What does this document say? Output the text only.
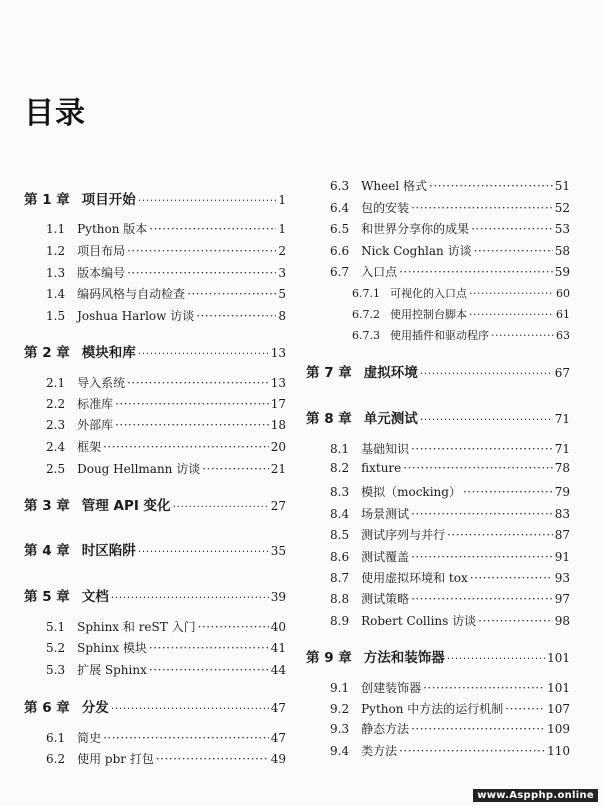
目录
www.Aspphp.online
第 1 章 项目开始 ·····	1
1.1	Python 版本 ·····	1
1.2	项目布局 ·····	2
1.3	版本编号 ·····	3
1.4	编码风格与自动检查 ·····	5
1.5	Joshua Harlow 访谈 ·····	8
第 2 章 模块和库 ·····	13
2.1	导入系统 ·····	13
2.2	标准库 ·····	17
2.3	外部库 ·····	18
2.4	框架 ·····	20
2.5	Doug Hellmann 访谈 ·····	21
第 3 章 管理 API 变化 ·····	27
第 4 章 时区陷阱 ·····	35
第 5 章 文档 ·····	39
5.1	Sphinx 和 reST 入门 ·····	40
5.2	Sphinx 模块 ·····	41
5.3	扩展 Sphinx ·····	44
第 6 章 分发 ·····	47
6.1	简史 ·····	47
6.2	使用 pbr 打包 ·····	49
6.3	Wheel 格式 ·····	51
6.4	包的安装 ·····	52
6.5	和世界分享你的成果 ·····	53
6.6	Nick Coghlan 访谈 ·····	58
6.7	入口点 ·····	59
6.7.1 可视化的入口点 ·····	60
6.7.2 使用控制台脚本 ·····	61
6.7.3 使用插件和驱动程序 ·····	63
第 7 章 虚拟环境 ·····	67
第 8 章 单元测试 ·····	71
8.1	基础知识 ·····	71
8.2	fixture ·····	78
8.3	模拟（mocking） ·····	79
8.4	场景测试 ·····	83
8.5	测试序列与并行 ·····	87
8.6	测试覆盖 ·····	91
8.7	使用虚拟环境和 tox ·····	93
8.8	测试策略 ·····	97
8.9	Robert Collins 访谈 ·····	98
第 9 章 方法和装饰器 ·····	101
9.1	创建装饰器 ·····	101
9.2	Python 中方法的运行机制 ·····	107
9.3	静态方法 ·····	109
9.4	类方法 ·····	110
